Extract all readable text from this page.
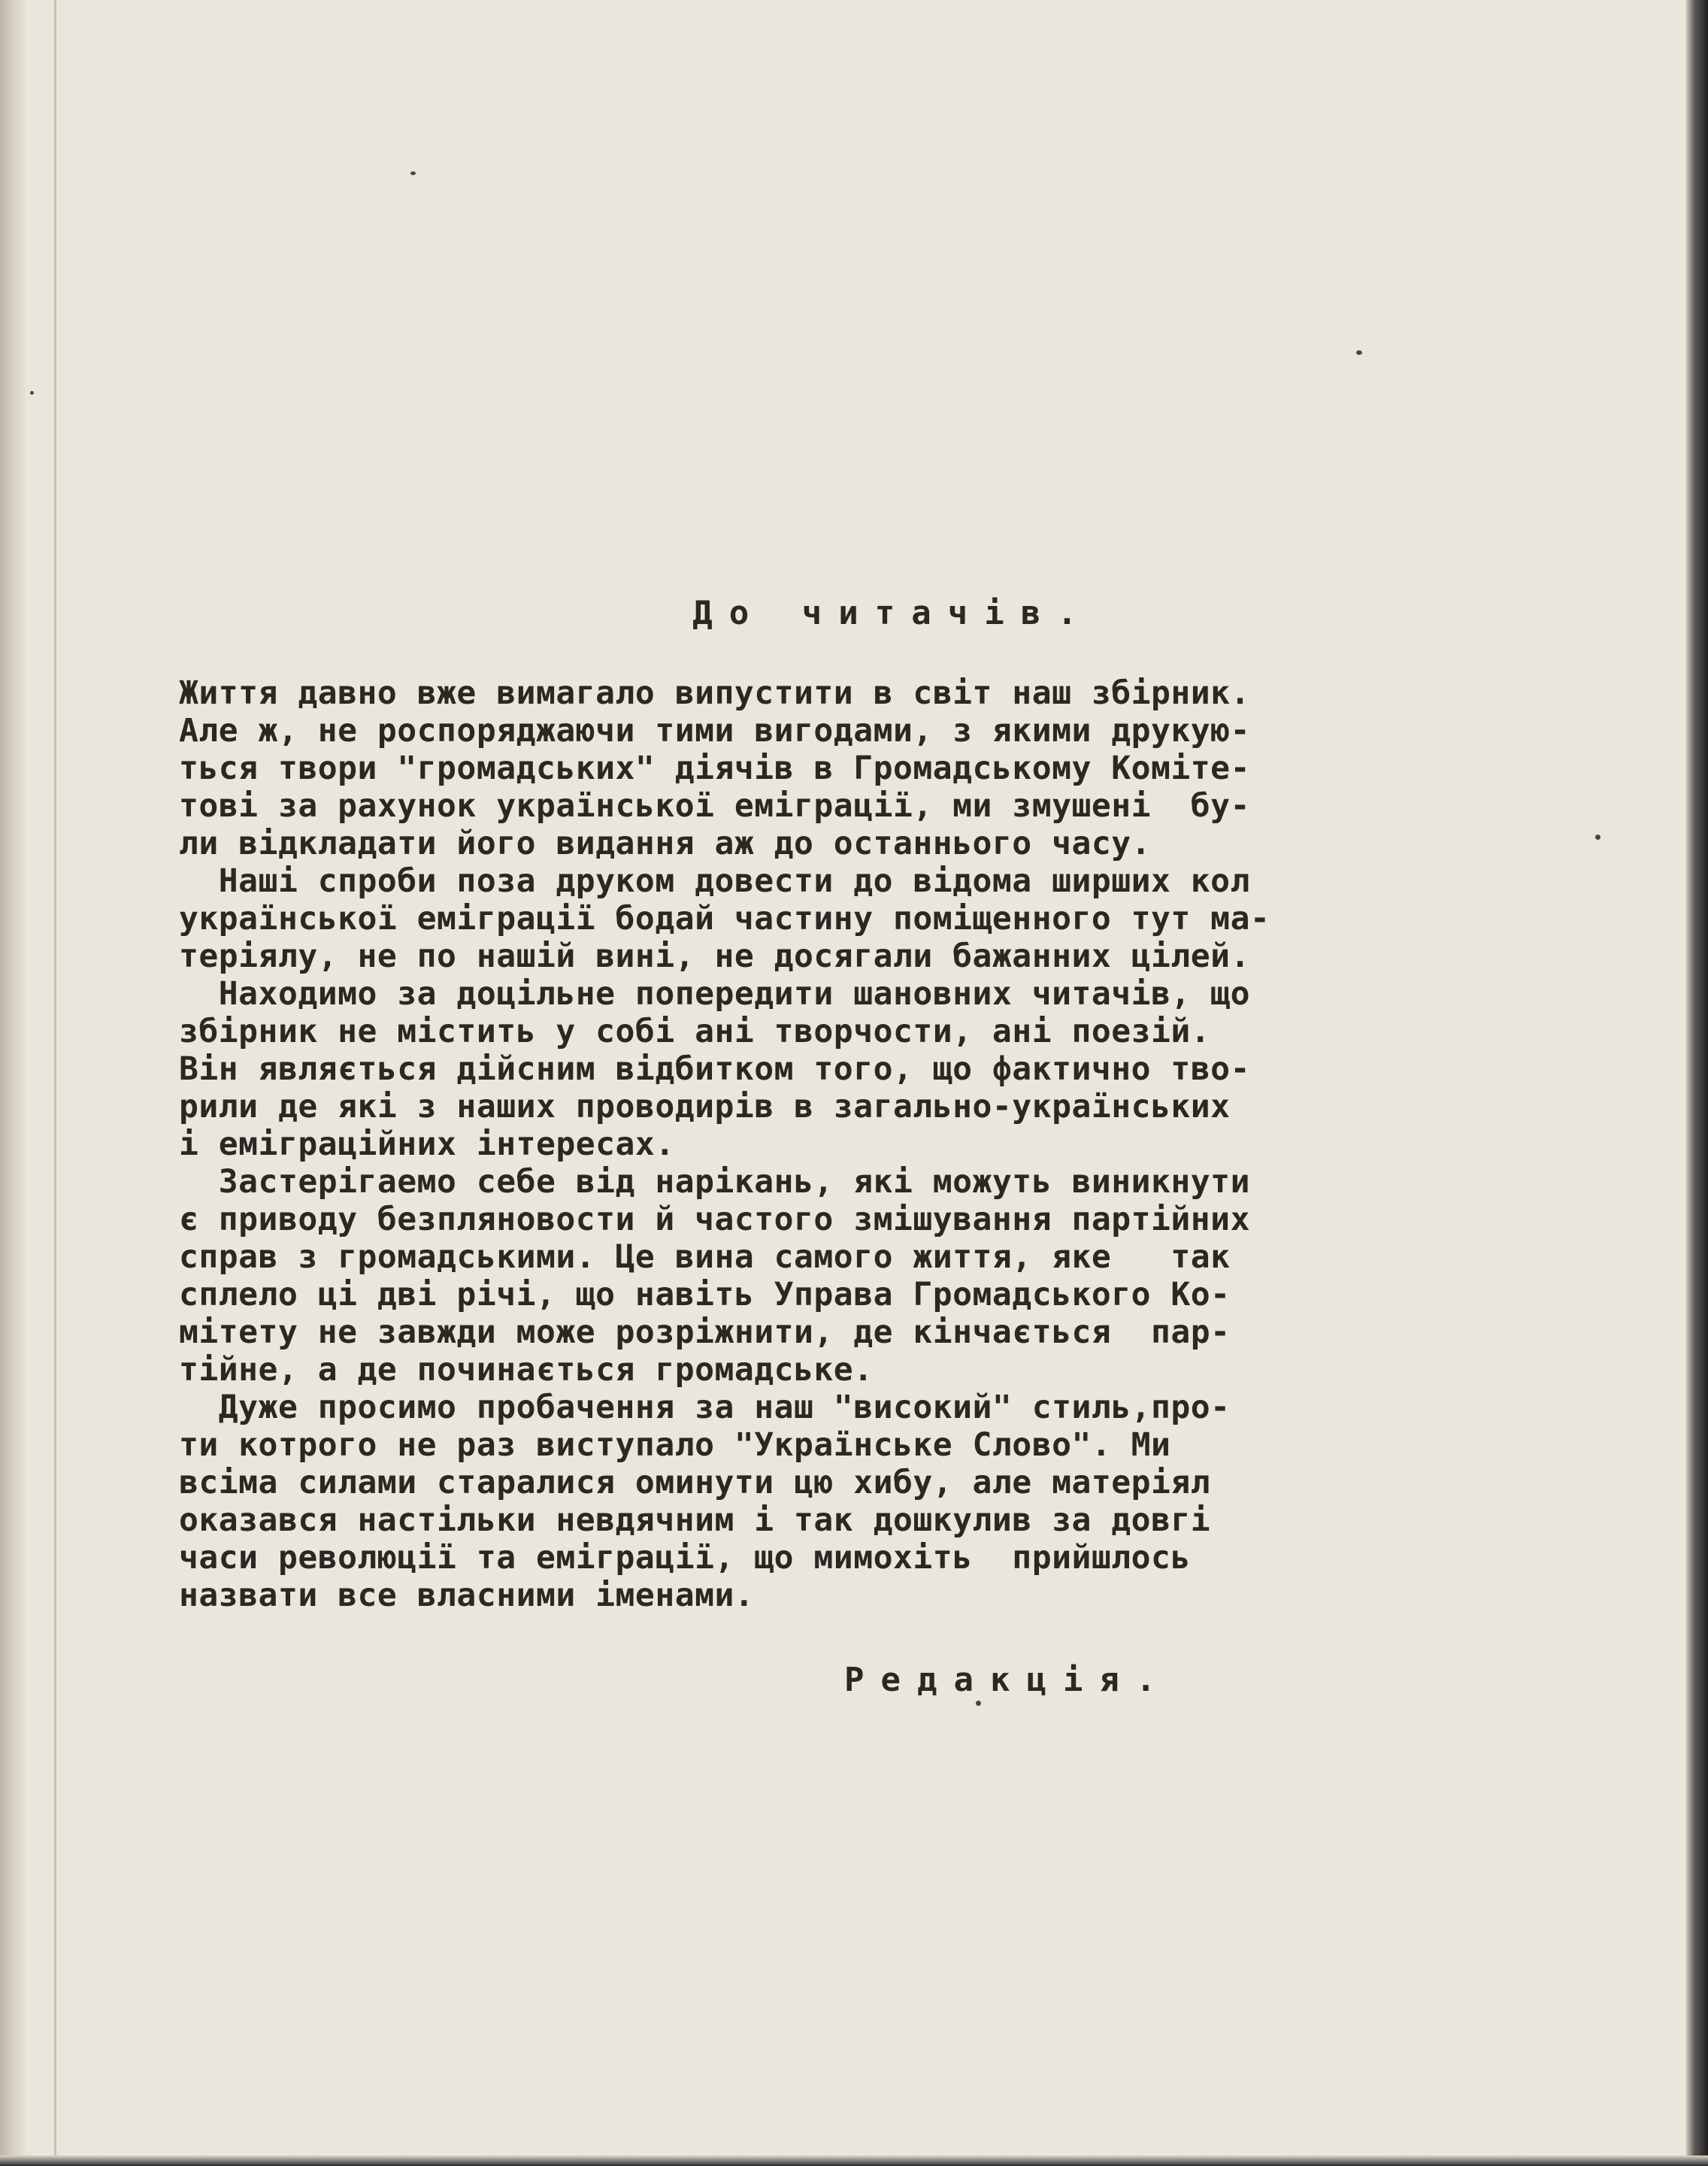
До читачів.
Життя давно вже вимагало випустити в світ наш збірник.
Але ж, не роспоряджаючи тими вигодами, з якими друкую-
ться твори "громадських" діячів в Громадському Коміте-
тові за рахунок української еміграції, ми змушені  бу-
ли відкладати його видання аж до останнього часу.
Наші спроби поза друком довести до відома ширших кол
української еміграції бодай частину поміщенного тут ма-
теріялу, не по нашій вині, не досягали бажанних цілей.
Находимо за доцільне попередити шановних читачів, що
збірник не містить у собі ані творчости, ані поезій.
Він являється дійсним відбитком того, що фактично тво-
рили де які з наших проводирів в загально-українських
і еміграційних інтересах.
Застерігаемо себе від нарікань, які можуть виникнути
є приводу безпляновости й частого змішування партійних
справ з громадськими. Це вина самого життя, яке   так
сплело ці дві річі, що навіть Управа Громадського Ко-
мітету не завжди може розріжнити, де кінчається  пар-
тійне, а де починається громадське.
Дуже просимо пробачення за наш "високий" стиль,про-
ти котрого не раз виступало "Українське Слово". Ми
всіма силами старалися оминути цю хибу, але матеріял
оказався настільки невдячним і так дошкулив за довгі
часи революції та еміграції, що мимохіть  прийшлось
назвати все власними іменами.
Редакція.
